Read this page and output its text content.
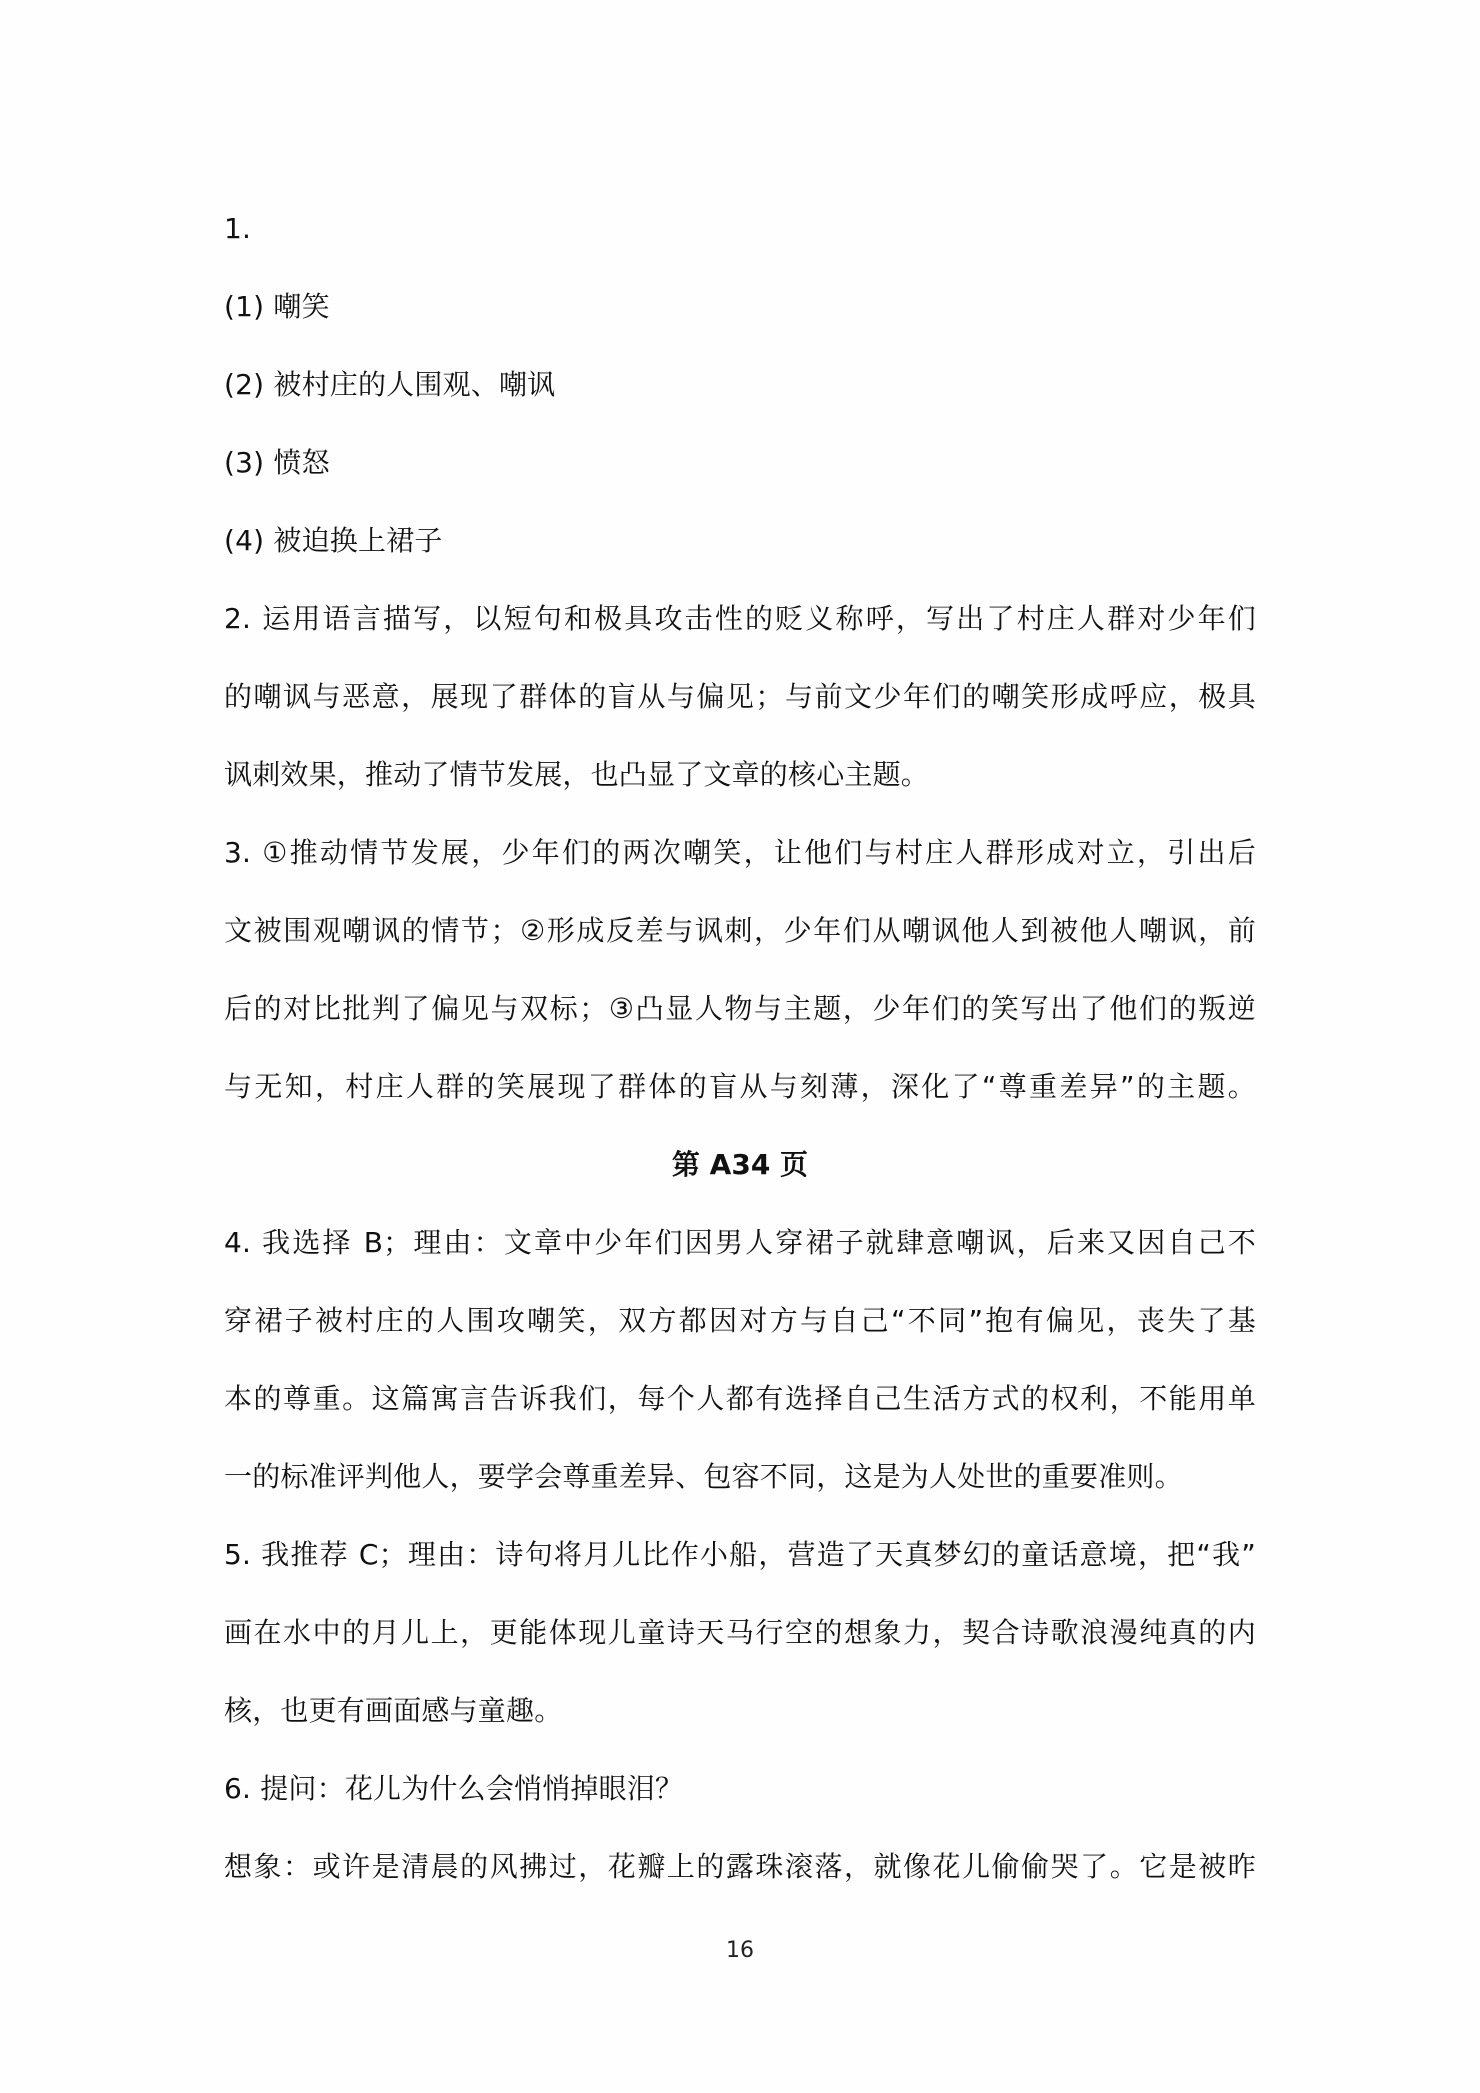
1.
(1) 嘲笑
(2) 被村庄的人围观、嘲讽
(3) 愤怒
(4) 被迫换上裙子
2. 运用语言描写，以短句和极具攻击性的贬义称呼，写出了村庄人群对少年们
的嘲讽与恶意，展现了群体的盲从与偏见；与前文少年们的嘲笑形成呼应，极具
讽刺效果，推动了情节发展，也凸显了文章的核心主题。
3. ①推动情节发展，少年们的两次嘲笑，让他们与村庄人群形成对立，引出后
文被围观嘲讽的情节；②形成反差与讽刺，少年们从嘲讽他人到被他人嘲讽，前
后的对比批判了偏见与双标；③凸显人物与主题，少年们的笑写出了他们的叛逆
与无知，村庄人群的笑展现了群体的盲从与刻薄，深化了“尊重差异”的主题。
第 A34 页
4. 我选择 B；理由：文章中少年们因男人穿裙子就肆意嘲讽，后来又因自己不
穿裙子被村庄的人围攻嘲笑，双方都因对方与自己“不同”抱有偏见，丧失了基
本的尊重。这篇寓言告诉我们，每个人都有选择自己生活方式的权利，不能用单
一的标准评判他人，要学会尊重差异、包容不同，这是为人处世的重要准则。
5. 我推荐 C；理由：诗句将月儿比作小船，营造了天真梦幻的童话意境，把“我”
画在水中的月儿上，更能体现儿童诗天马行空的想象力，契合诗歌浪漫纯真的内
核，也更有画面感与童趣。
6. 提问：花儿为什么会悄悄掉眼泪？
想象：或许是清晨的风拂过，花瓣上的露珠滚落，就像花儿偷偷哭了。它是被昨
16
